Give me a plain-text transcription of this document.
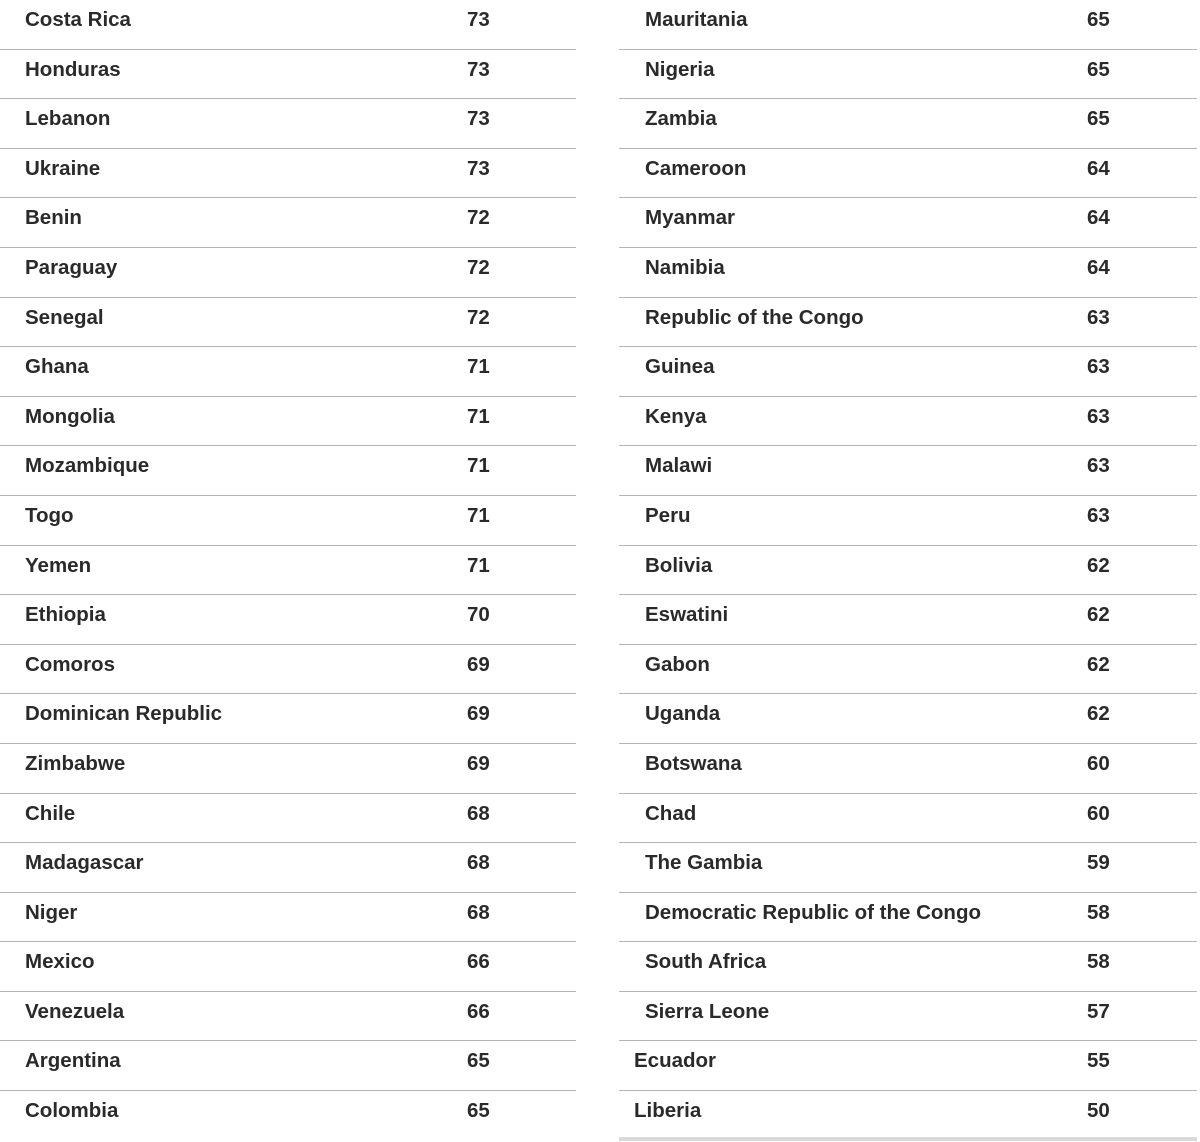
Costa Rica	73
Honduras	73
Lebanon	73
Ukraine	73
Benin	72
Paraguay	72
Senegal	72
Ghana	71
Mongolia	71
Mozambique	71
Togo	71
Yemen	71
Ethiopia	70
Comoros	69
Dominican Republic	69
Zimbabwe	69
Chile	68
Madagascar	68
Niger	68
Mexico	66
Venezuela	66
Argentina	65
Colombia	65
Mauritania	65
Nigeria	65
Zambia	65
Cameroon	64
Myanmar	64
Namibia	64
Republic of the Congo	63
Guinea	63
Kenya	63
Malawi	63
Peru	63
Bolivia	62
Eswatini	62
Gabon	62
Uganda	62
Botswana	60
Chad	60
The Gambia	59
Democratic Republic of the Congo	58
South Africa	58
Sierra Leone	57
Ecuador	55
Liberia	50
